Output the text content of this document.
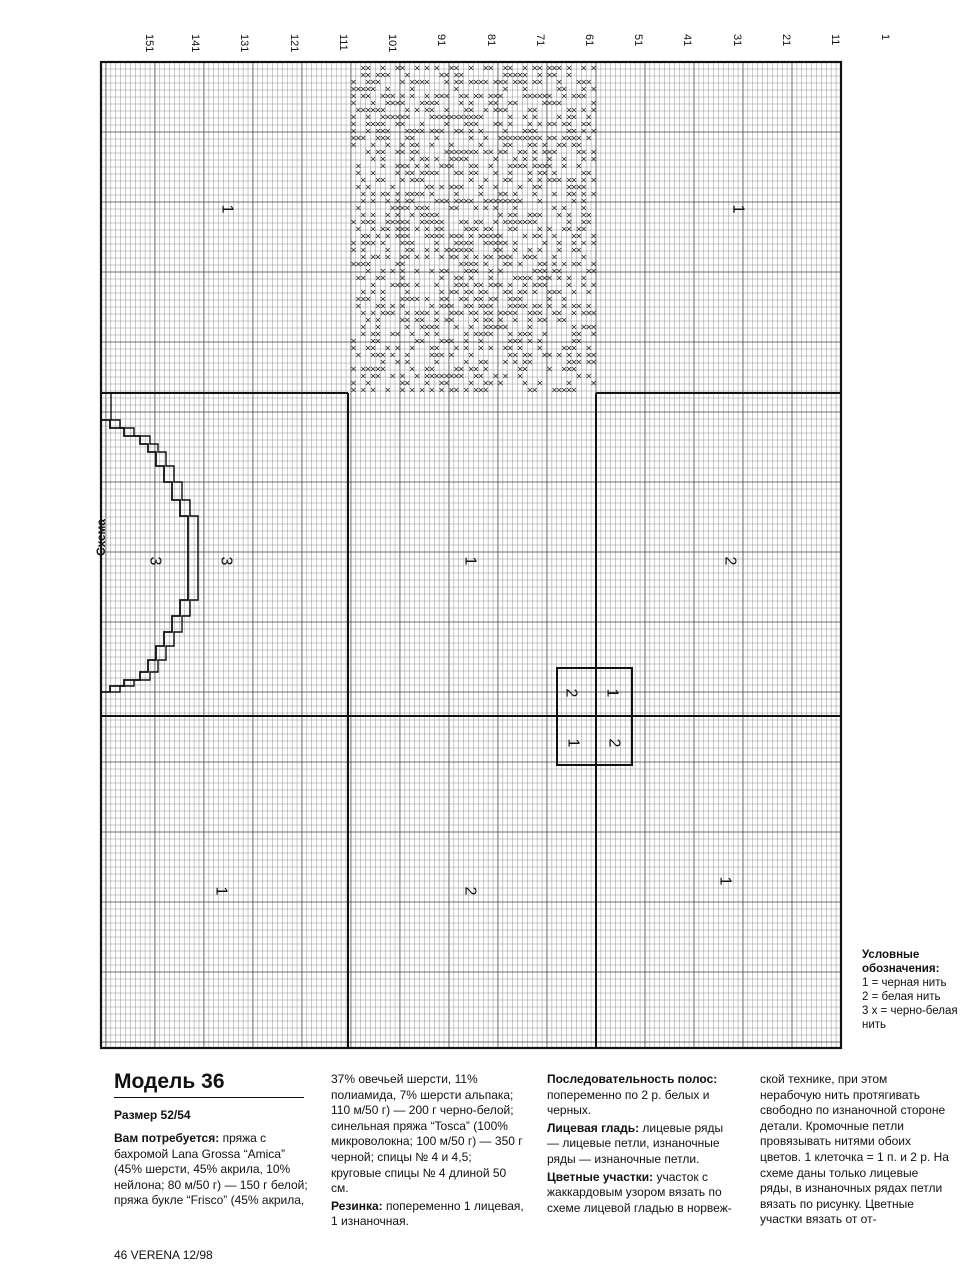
×
× × ×
× × × × ×
× × ×
× ×
× × ×
× ×
×
× × × ×
×
× ×
×
× ×	×
× ×
×	×
×
×
×
× × ×
× ×
× ×
×
× × ×
×
×
× × ×
× ×
×
×
× ×
×
× ×
×
× ×
× × ×
×
×
×
×
×
×
× × ×	×	× ×	×
× × ×
× ×
× ×
×
× × × × ×
×
× ×
× ×
× ×
×
× ×
×
×
×
×
× × ×
×
×
× × ×
×
×
× ×
×
×
× × × ×
× ×
×	×
×
×
×	×
×
×
×
×
×
× × × ×
× × ×
× × ×
×
× ×
×	×
× × ×
× × ×
×
×
×
×
× ×
×
×
×
×
×
×
×
×
×
×	× × × × ×
× ×
× ×
×
×
× ×
× × × ×
×
× ×
× × × × ×
× ×
× ×
×
× × ×
×
× ×
×
×
× ×
×
× ×
× × × × ×
×
×	×
× × ×
×
×
× ×
×
× ×
× ×	× × ×
×
×
×
×
×
×
×
× ×
× ×
×
×
× ×
× × × × ×
× × ×	× ×
× ×
× × ×
× ×
×
× ×
× ×
× ×
×	×
×
×
×
×
×
× ×
× ×
× ×
× × ×
×
× ×
× ×
× ×	× ×
× × ×
×
×
×	× × × × × × × ×
× × ×
×
× × × ×
×
× ×
× × ×
×
×
× ×
×
×
× × ×
× × × ×
× ×
×
×
× ×
× ×
× × × × ×
× ×	×
×
× ×
× × ×
×
×	× × ×
× × × ×
×
× ×
× × ×
× × ×	×
× × ×
×
× × × × ×
×	×
×
×
×
× × ×
× × ×
×
×
× × × × ×
× × × × ×
× × ×
× × × × ×
× ×
×
× ×
×
×
× ×
×
×
×
×
×
×
× ×	× ×
×	×
×
×
× ×
×
× ×
× × × × ×	× × ×
× × × × × ×
×
×
×	× ×
× ×
×
× × × ×
×
× ×
×
× ×
×
×
×
× ×
×
×
×
× ×
× ×
× × ×
×
×
×
×
×
×	× ×
×
× × ×
× ×
×
× × × ×
× ×
×
× ×
× ×
× × × ×
× ×
×
×
× × × ×
×
× ×
×
×
× ×
×
× × ×
×
×
×
× × ×
× × ×
× ×
× ×
×
× × ×
×
× × ×
×
×
× ×
×
×
×
× ×	× × × × ×
× × × ×
× × × ×
×
×
×
×
× ×
× × × × × ×
×
× ×
× × ×
× × × × ×
× × × ×
× ×
×
× ×
×
× ×	×
×
×
×
×	×
×	×
×
×
× × ×
× × ×
× × × ×
× ×
× × × × × × ×
× ×
×
× × ×	×
×
× ×
×	×
×
×
× ×
× ×	× ×
× × × ×
×
×
× ×
×
× × × ×
× ×
×
×
× × × ×
×
× ×
× ×
×
× × × ×
×
× × × ×
× × × ×	× ×
× ×
× ×
× ×
× ×
× × ×
×
× × ×
×
×
× × ×
×
×
× × ×
× ×
× ×
× ×
× ×
×
×	× ×
× ×
× × ×	× ×
×
× ×
× ×
×
× ×
×
×
× ×
× × × ×
× ×
× × ×
×
× × ×
×
× × ×
×
× ×
× ×
× ×
×
×
× ×
×
× ×
× × ×
×
×
× × ×
× ×
× × ×
× × ×
× × × × ×
× ×
×
× ×	× ×
×
×
× × × ×
×
×
×
× ×	× ×
×
×
× ×
× ×
× × × ×	× ×
×
×
× × ×
×
× ×	×
× ×
× ×
×	×
× ×
×
× × ×	×
×
× × ×	×
×
× ×
× × × × ×
× × × × × ×
× × × ×
×
× ×
× ×
×
× × × ×
×
× × ×	×
× ×
× ×
× × × × ×
×
× × ×	×	× ×
× × × ×
×	×
×
× ×
×
× ×
×
×
×
×	× ×
× ×
× ×
× ×	×
× × ×
×
×
× ×
× × × × ×
×
×
×
×
×
×
× ×
× × × ×	× ×
× ×	×
× × ×
× × ×
× × × ×	× ×
× × × × × × × × × ×
× × ×
×
×	×
× ×
×
×
×
×
151	141	131	121	111	101	91	81	71	61	51	41	31	21	11	1
Схема
1	1
3	3	1	2
2 1
1 2
1	2
1
Условные обозначения:
1 = черная нить
2 = белая нить
3 x = черно-белая нить
Модель 36
Размер 52/54
Вам потребуется: пряжа с бахромой Lana Grossa “Amica” (45% шерсти, 45% акрила, 10% нейлона; 80 м/50 г) — 150 г белой; пряжа букле “Frisco” (45% акрила,
37% овечьей шерсти, 11% полиамида, 7% шерсти альпака; 110 м/50 г) — 200 г черно-белой; синельная пряжа “Tosca” (100% микроволокна; 100 м/50 г) — 350 г черной; спицы № 4 и 4,5; круговые спицы № 4 длиной 50 см.
Резинка: попеременно 1 лицевая, 1 изнаночная.
Последовательность полос: попеременно по 2 р. белых и черных.
Лицевая гладь: лицевые ряды — лицевые петли, изнаночные ряды — изнаночные петли.
Цветные участки: участок с жаккардовым узором вязать по схеме лицевой гладью в норвеж-
ской технике, при этом нерабочую нить протягивать свободно по изнаночной стороне детали. Кромочные петли провязывать нитями обоих цветов. 1 клеточка = 1 п. и 2 р. На схеме даны только лицевые ряды, в изнаночных рядах петли вязать по рисунку. Цветные участки вязать от от-
46 VERENA 12/98
